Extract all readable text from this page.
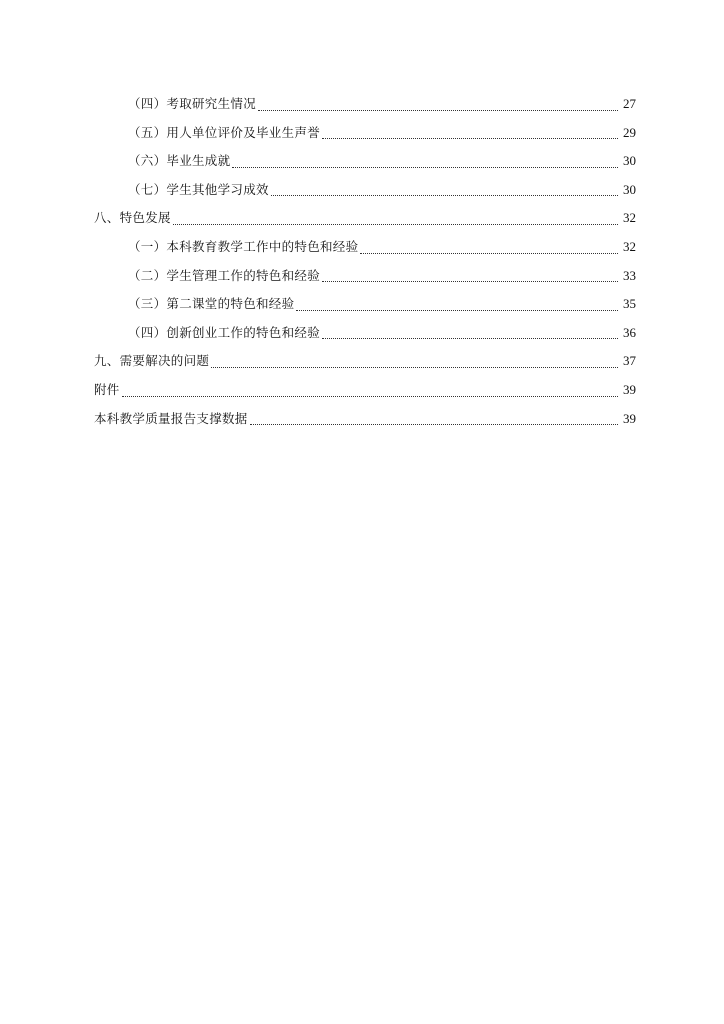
（四）考取研究生情况	27
（五）用人单位评价及毕业生声誉	29
（六）毕业生成就	30
（七）学生其他学习成效	30
八、特色发展	32
（一）本科教育教学工作中的特色和经验	32
（二）学生管理工作的特色和经验	33
（三）第二课堂的特色和经验	35
（四）创新创业工作的特色和经验	36
九、需要解决的问题	37
附件	39
本科教学质量报告支撑数据	39
